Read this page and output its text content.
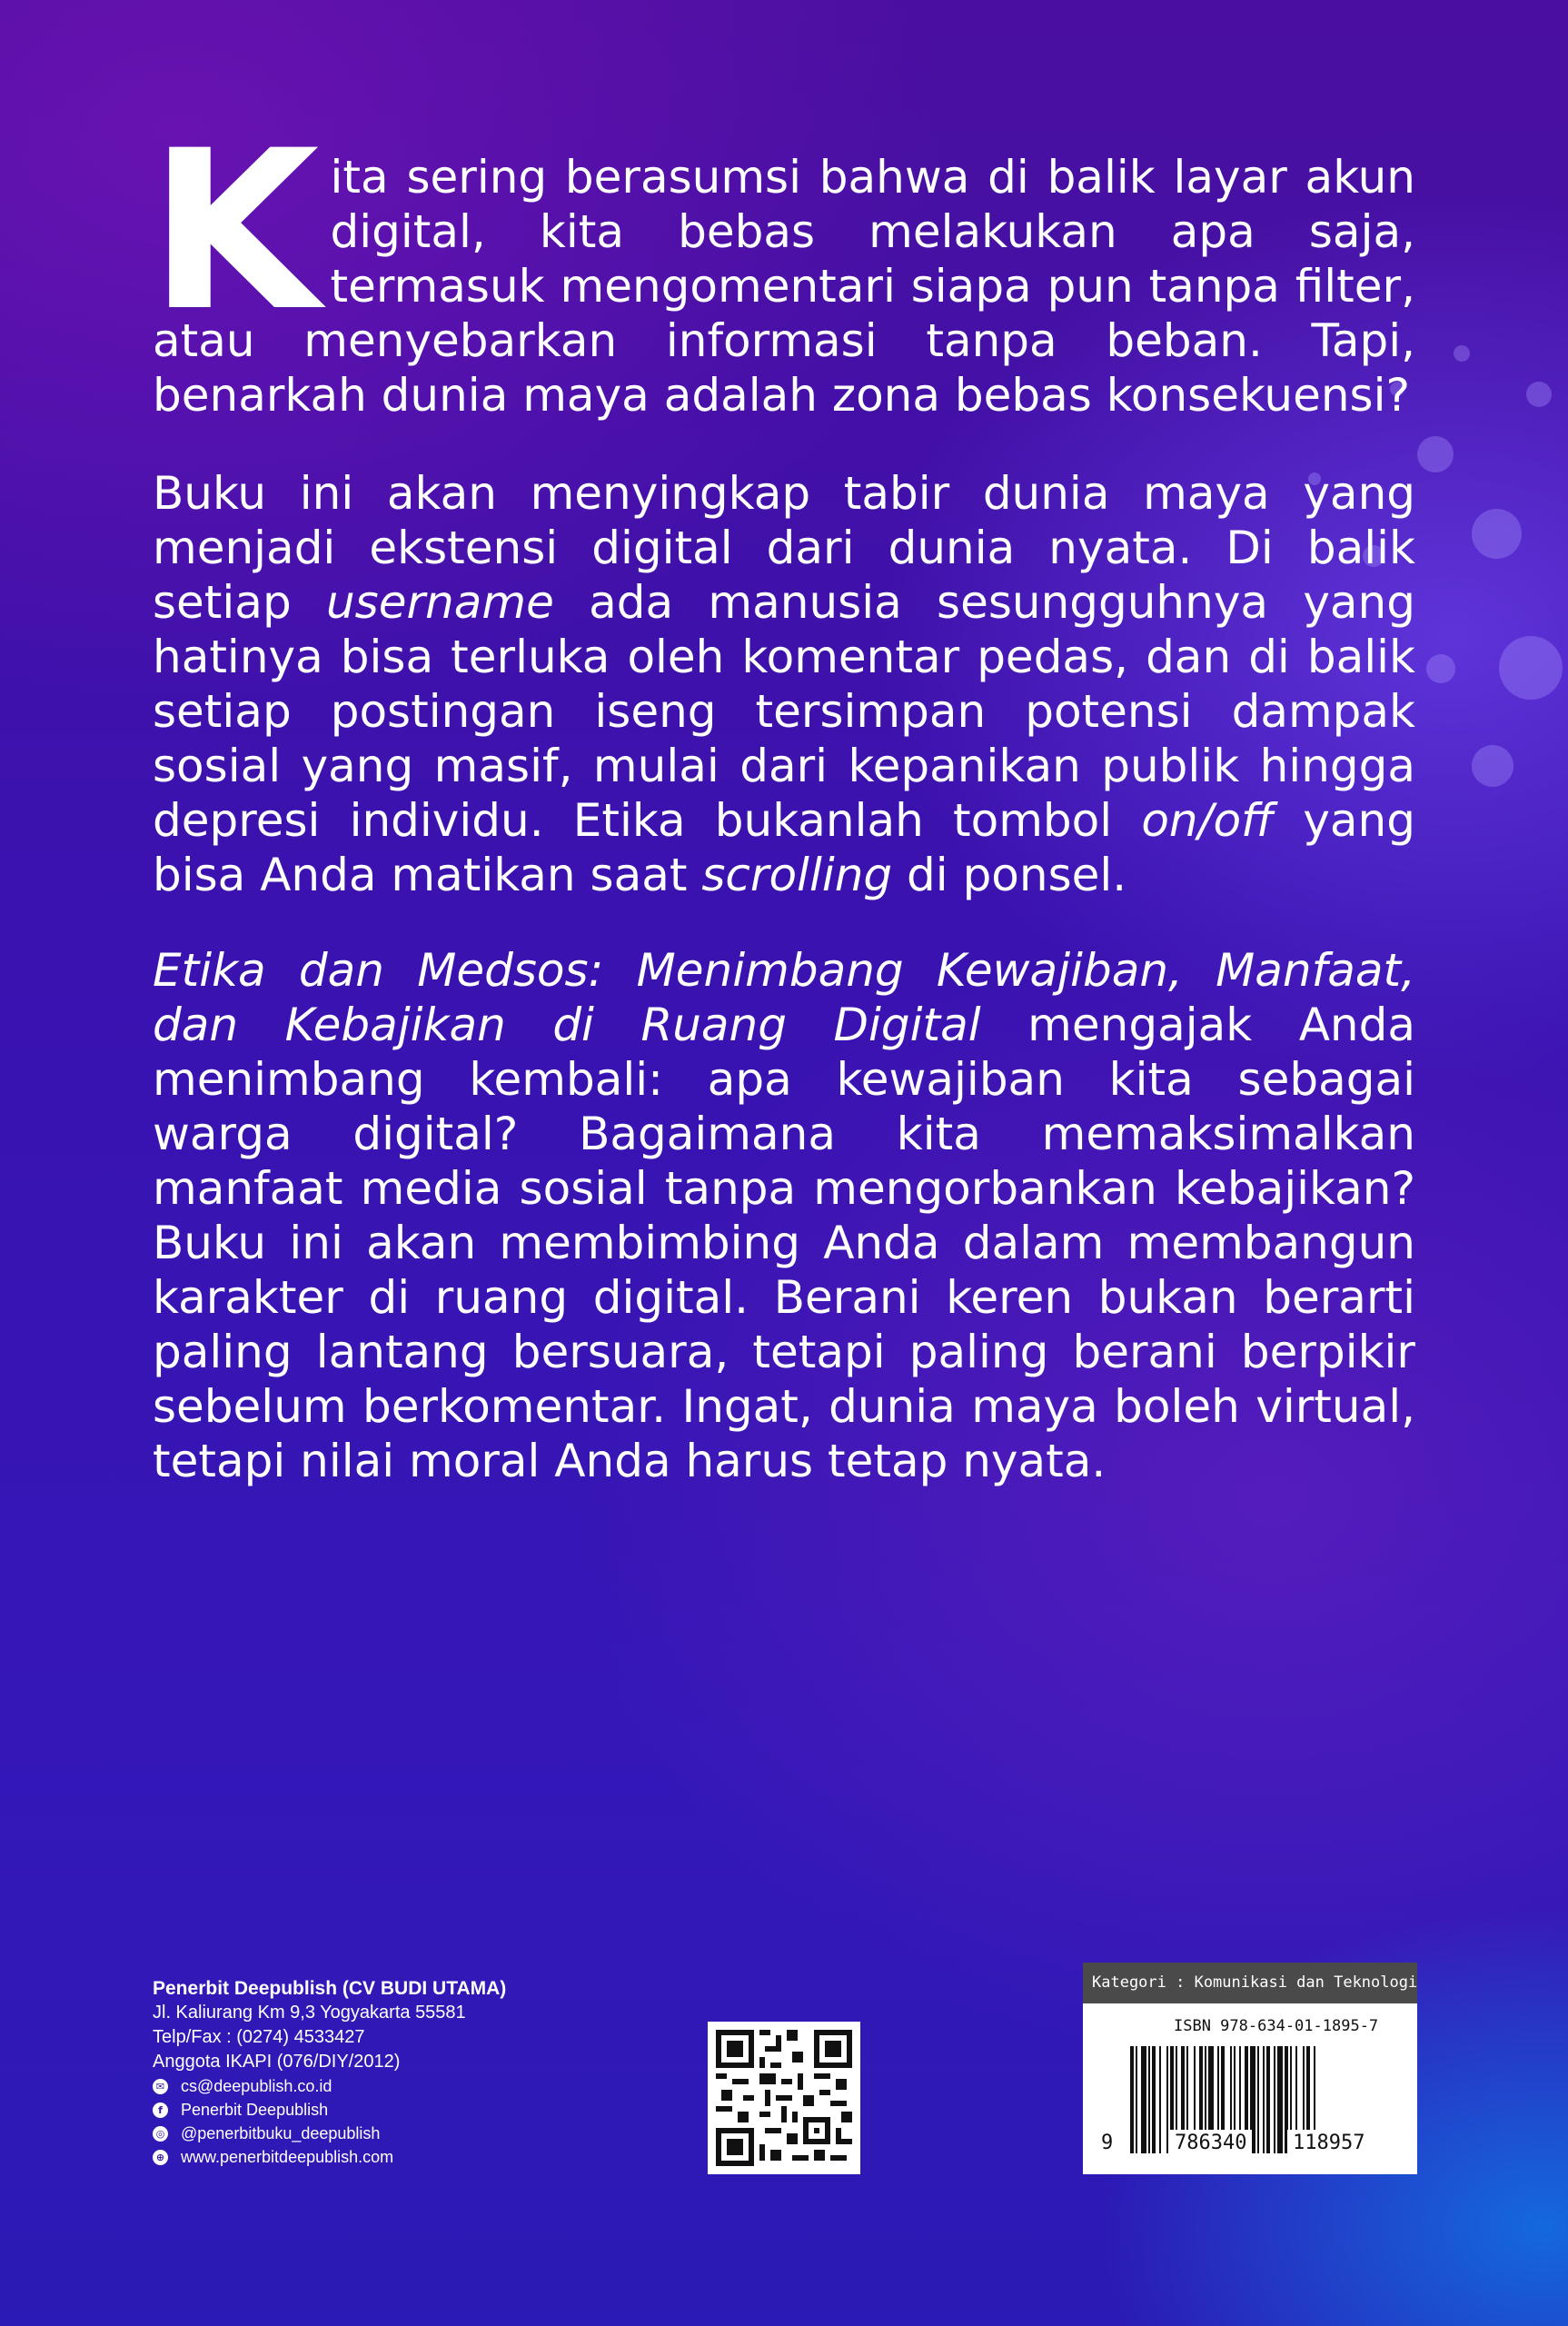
Kita sering berasumsi bahwa di balik layar akun digital, kita bebas melakukan apa saja, termasuk mengomentari siapa pun tanpa filter, atau menyebarkan informasi tanpa beban. Tapi, benarkah dunia maya adalah zona bebas konsekuensi?
Buku ini akan menyingkap tabir dunia maya yang menjadi ekstensi digital dari dunia nyata. Di balik setiap username ada manusia sesungguhnya yang hatinya bisa terluka oleh komentar pedas, dan di balik setiap postingan iseng tersimpan potensi dampak sosial yang masif, mulai dari kepanikan publik hingga depresi individu. Etika bukanlah tombol on/off yang bisa Anda matikan saat scrolling di ponsel.
Etika dan Medsos: Menimbang Kewajiban, Manfaat, dan Kebajikan di Ruang Digital mengajak Anda menimbang kembali: apa kewajiban kita sebagai warga digital? Bagaimana kita memaksimalkan manfaat media sosial tanpa mengorbankan kebajikan? Buku ini akan membimbing Anda dalam membangun karakter di ruang digital. Berani keren bukan berarti paling lantang bersuara, tetapi paling berani berpikir sebelum berkomentar. Ingat, dunia maya boleh virtual, tetapi nilai moral Anda harus tetap nyata.
Penerbit Deepublish (CV BUDI UTAMA)
Jl. Kaliurang Km 9,3 Yogyakarta 55581
Telp/Fax : (0274) 4533427
Anggota IKAPI (076/DIY/2012)
✉ cs@deepublish.co.id
f	Penerbit Deepublish
◎ @penerbitbuku_deepublish
⊕ www.penerbitdeepublish.com
Kategori : Komunikasi dan Teknologi
ISBN 978-634-01-1895-7
9	786340 118957
